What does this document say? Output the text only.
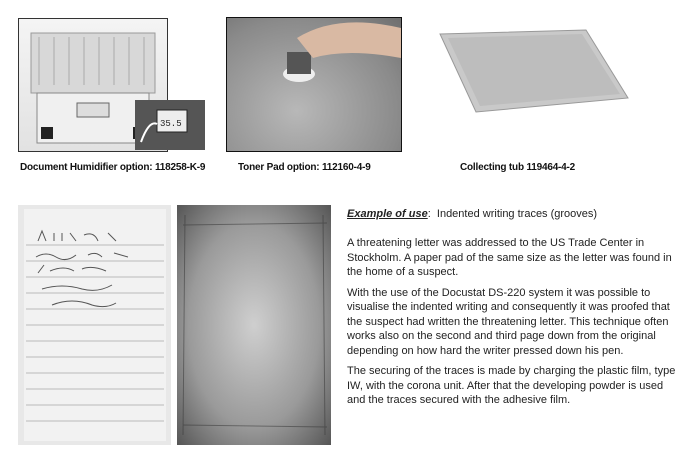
35.5
Document Humidifier option: 118258-K-9	Toner Pad option: 112160-4-9	Collecting tub 119464-4-2
Example of use: Indented writing traces (grooves)

A threatening letter was addressed to the US Trade Center in Stockholm. A paper pad of the same size as the letter was found in the home of a suspect.

With the use of the Docustat DS-220 system it was possible to visualise the indented writing and consequently it was proofed that the suspect had written the threatening letter. This technique often works also on the second and third page down from the original depending on how hard the writer pressed down his pen.

The securing of the traces is made by charging the plastic film, type IW, with the corona unit. After that the developing powder is used and the traces secured with the adhesive film.
